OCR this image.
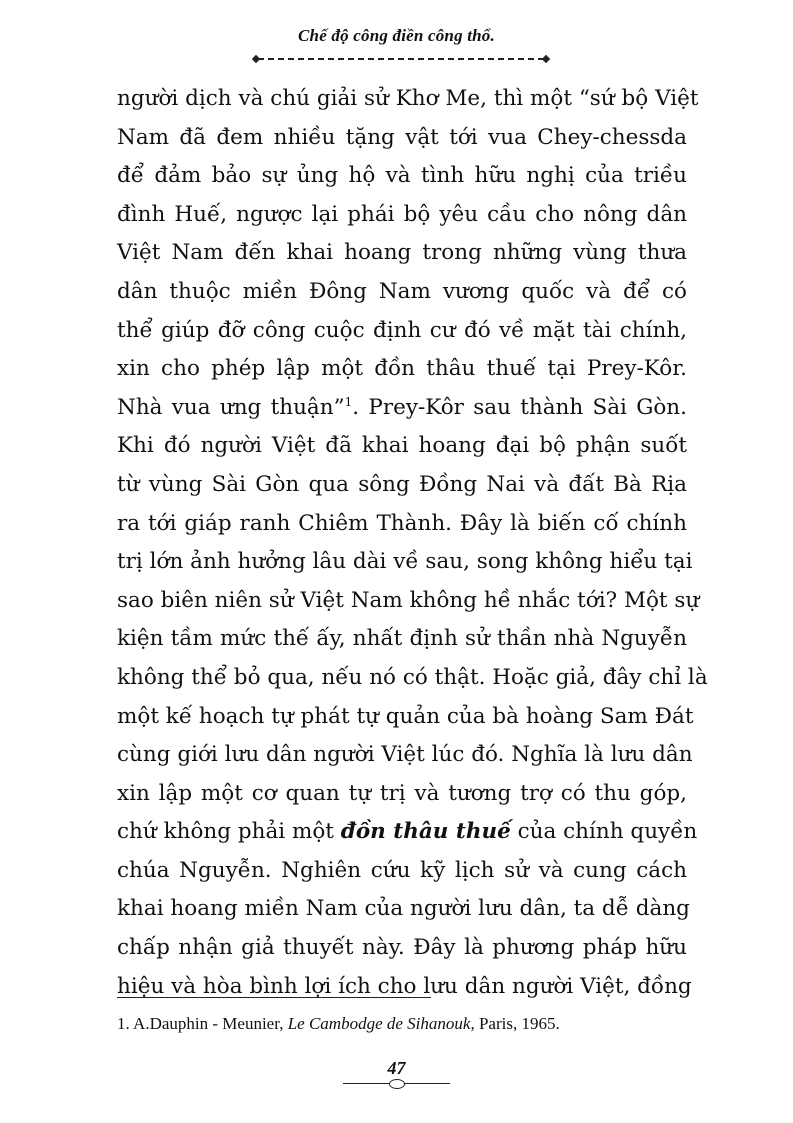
Chế độ công điền công thổ.
người dịch và chú giải sử Khơ Me, thì một “sứ bộ Việt
Nam đã đem nhiều tặng vật tới vua Chey-chessda
để đảm bảo sự ủng hộ và tình hữu nghị của triều
đình Huế, ngược lại phái bộ yêu cầu cho nông dân
Việt Nam đến khai hoang trong những vùng thưa
dân thuộc miền Đông Nam vương quốc và để có
thể giúp đỡ công cuộc định cư đó về mặt tài chính,
xin cho phép lập một đồn thâu thuế tại Prey-Kôr.
Nhà vua ưng thuận”$^1$. Prey-Kôr sau thành Sài Gòn.
Khi đó người Việt đã khai hoang đại bộ phận suốt
từ vùng Sài Gòn qua sông Đồng Nai và đất Bà Rịa
ra tới giáp ranh Chiêm Thành. Đây là biến cố chính
trị lớn ảnh hưởng lâu dài về sau, song không hiểu tại
sao biên niên sử Việt Nam không hề nhắc tới? Một sự
kiện tầm mức thế ấy, nhất định sử thần nhà Nguyễn
không thể bỏ qua, nếu nó có thật. Hoặc giả, đây chỉ là
một kế hoạch tự phát tự quản của bà hoàng Sam Đát
cùng giới lưu dân người Việt lúc đó. Nghĩa là lưu dân
xin lập một cơ quan tự trị và tương trợ có thu góp,
chứ không phải một đồn thâu thuế của chính quyền
chúa Nguyễn. Nghiên cứu kỹ lịch sử và cung cách
khai hoang miền Nam của người lưu dân, ta dễ dàng
chấp nhận giả thuyết này. Đây là phương pháp hữu
hiệu và hòa bình lợi ích cho lưu dân người Việt, đồng
1. A.Dauphin - Meunier, Le Cambodge de Sihanouk, Paris, 1965.
47
